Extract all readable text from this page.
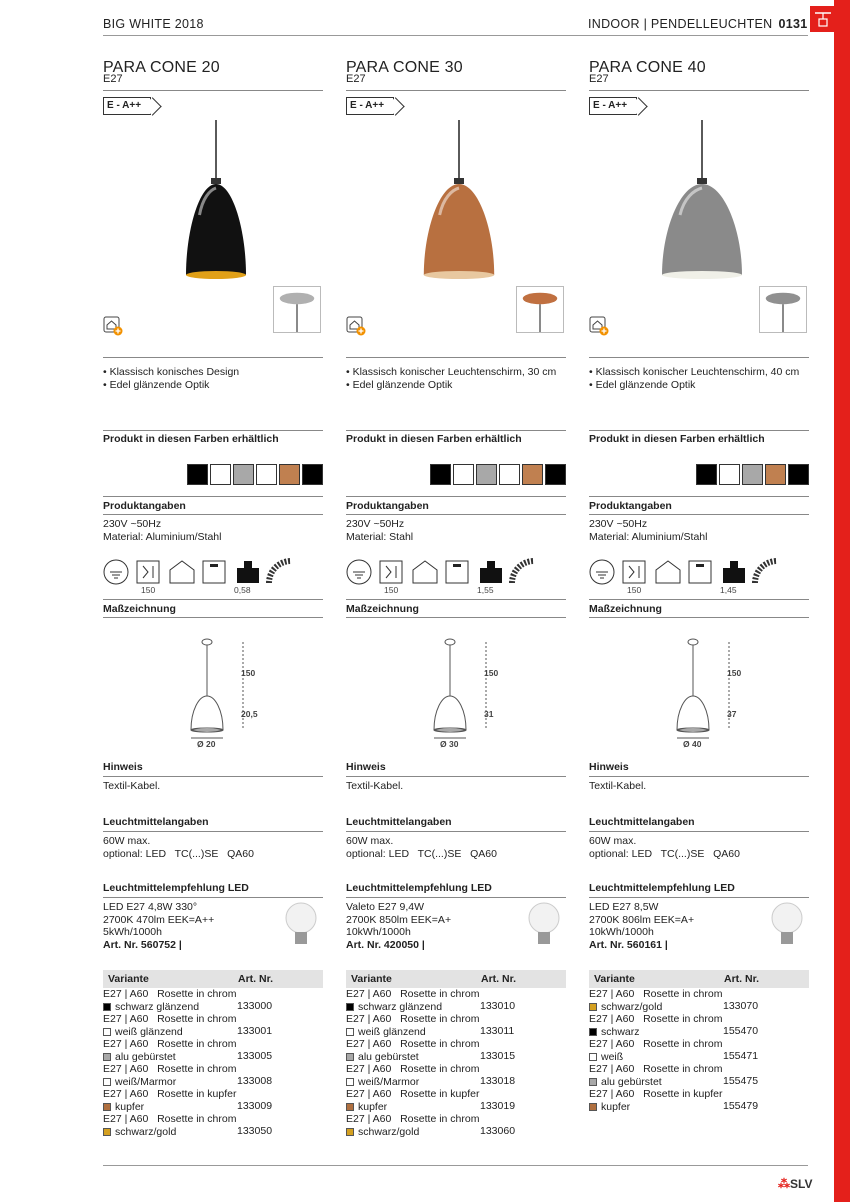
BIG WHITE 2018	INDOOR | PENDELLEUCHTEN 0131
PARA CONE 20
E27
E - A++
• Klassisch konisches Design
• Edel glänzende Optik
Produkt in diesen Farben erhältlich
Produktangaben
230V ~50Hz
Material: Aluminium/Stahl
150	0,58
Maßzeichnung
150
20,5
Ø 20
Hinweis
Textil-Kabel.
Leuchtmittelangaben
60W max.
optional: LED   TC(...)SE   QA60
Leuchtmittelempfehlung LED
LED E27 4,8W 330°
2700K 470lm EEK=A++
5kWh/1000h
Art. Nr. 560752 |
Variante	Art. Nr.
E27 | A60   Rosette in chrom
schwarz glänzend	133000
E27 | A60   Rosette in chrom
weiß glänzend	133001
E27 | A60   Rosette in chrom
alu gebürstet	133005
E27 | A60   Rosette in chrom
weiß/Marmor	133008
E27 | A60   Rosette in kupfer
kupfer	133009
E27 | A60   Rosette in chrom
schwarz/gold	133050
PARA CONE 30
E27
E - A++
• Klassisch konischer Leuchtenschirm, 30 cm
• Edel glänzende Optik
Produkt in diesen Farben erhältlich
Produktangaben
230V ~50Hz
Material: Stahl
150	1,55
Maßzeichnung
150
31
Ø 30
Hinweis
Textil-Kabel.
Leuchtmittelangaben
60W max.
optional: LED   TC(...)SE   QA60
Leuchtmittelempfehlung LED
Valeto E27 9,4W
2700K 850lm EEK=A+
10kWh/1000h
Art. Nr. 420050 |
Variante	Art. Nr.
E27 | A60   Rosette in chrom
schwarz glänzend	133010
E27 | A60   Rosette in chrom
weiß glänzend	133011
E27 | A60   Rosette in chrom
alu gebürstet	133015
E27 | A60   Rosette in chrom
weiß/Marmor	133018
E27 | A60   Rosette in kupfer
kupfer	133019
E27 | A60   Rosette in chrom
schwarz/gold	133060
PARA CONE 40
E27
E - A++
• Klassisch konischer Leuchtenschirm, 40 cm
• Edel glänzende Optik
Produkt in diesen Farben erhältlich
Produktangaben
230V ~50Hz
Material: Aluminium/Stahl
150	1,45
Maßzeichnung
150
37
Ø 40
Hinweis
Textil-Kabel.
Leuchtmittelangaben
60W max.
optional: LED   TC(...)SE   QA60
Leuchtmittelempfehlung LED
LED E27 8,5W
2700K 806lm EEK=A+
10kWh/1000h
Art. Nr. 560161 |
Variante	Art. Nr.
E27 | A60   Rosette in chrom
schwarz/gold	133070
E27 | A60   Rosette in chrom
schwarz	155470
E27 | A60   Rosette in chrom
weiß	155471
E27 | A60   Rosette in chrom
alu gebürstet	155475
E27 | A60   Rosette in kupfer
kupfer	155479
⁂SLV
